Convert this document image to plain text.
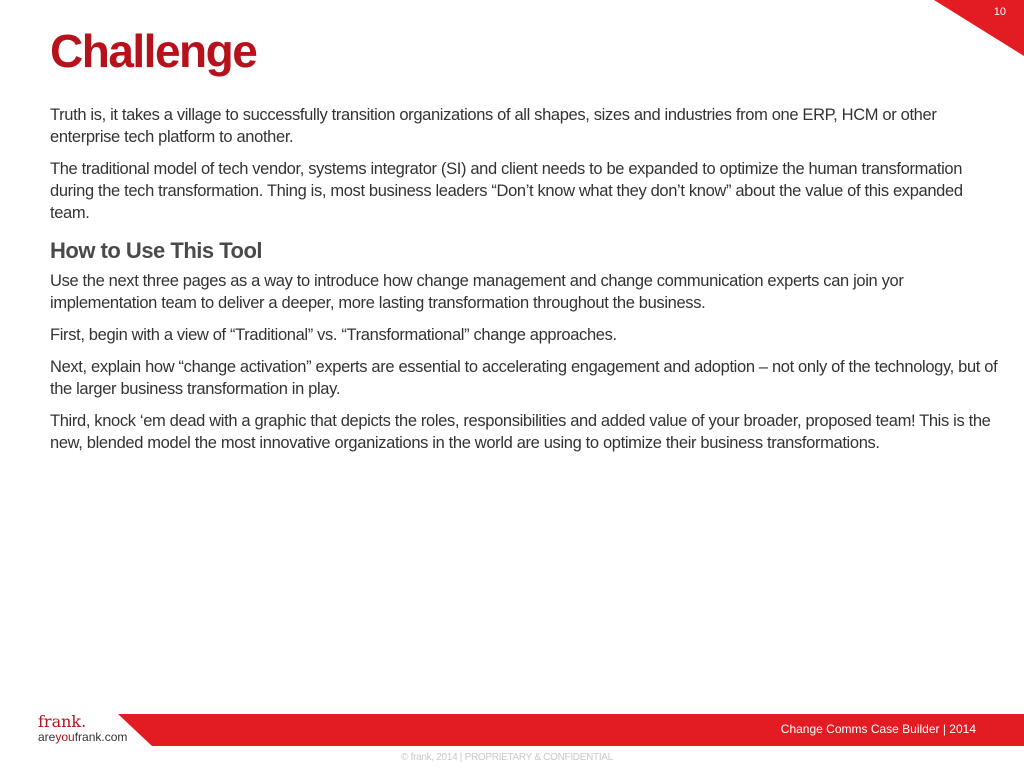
10
Challenge

Truth is, it takes a village to successfully transition organizations of all shapes, sizes and industries from one ERP, HCM or other enterprise tech platform to another.

The traditional model of tech vendor, systems integrator (SI) and client needs to be expanded to optimize the human transformation during the tech transformation. Thing is, most business leaders “Don’t know what they don’t know” about the value of this expanded team.

How to Use This Tool

Use the next three pages as a way to introduce how change management and change communication experts can join yor implementation team to deliver a deeper, more lasting transformation throughout the business.

First, begin with a view of “Traditional” vs. “Transformational” change approaches.

Next, explain how “change activation” experts are essential to accelerating engagement and adoption – not only of the technology, but of the larger business transformation in play.

Third, knock ‘em dead with a graphic that depicts the roles, responsibilities and added value of your broader, proposed team! This is the new, blended model the most innovative organizations in the world are using to optimize their business transformations.

frank.
areyoufrank.com
Change Comms Case Builder | 2014
© frank, 2014 | PROPRIETARY & CONFIDENTIAL
